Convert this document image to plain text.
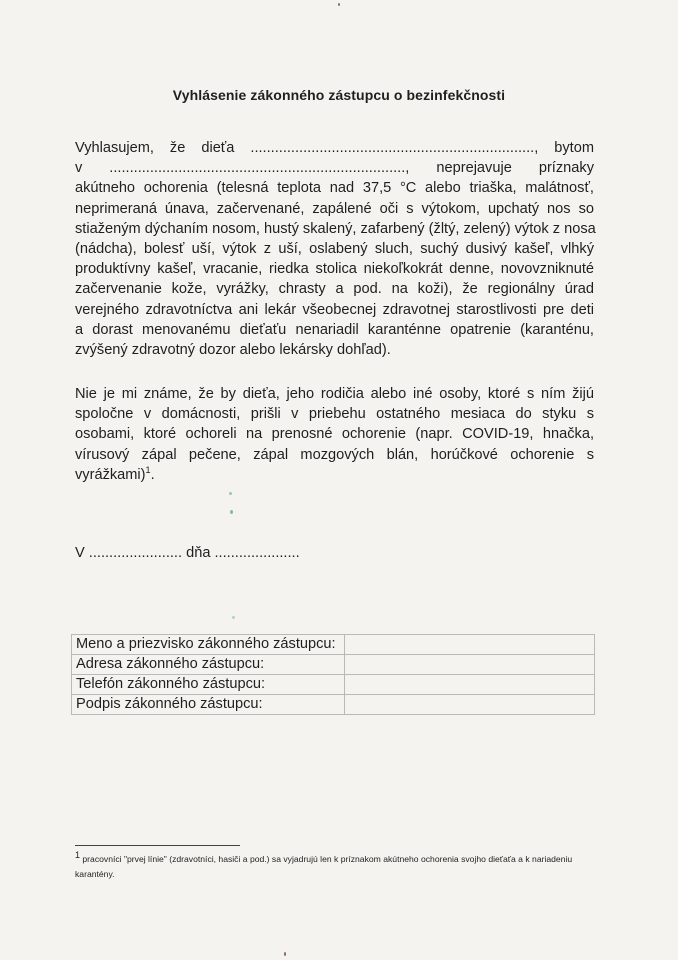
Vyhlásenie zákonného zástupcu o bezinfekčnosti
Vyhlasujem, že dieťa ......................................................................, bytom
v ........................................................................., neprejavuje príznaky
akútneho ochorenia (telesná teplota nad 37,5 °C alebo triaška, malátnosť,
neprimeraná únava, začervenané, zapálené oči s výtokom, upchatý nos so
stiaženým dýchaním nosom, hustý skalený, zafarbený (žltý, zelený) výtok z nosa
(nádcha), bolesť uší, výtok z uší, oslabený sluch, suchý dusivý kašeľ, vlhký
produktívny kašeľ, vracanie, riedka stolica niekoľkokrát denne, novovzniknuté
začervenanie kože, vyrážky, chrasty a pod. na koži), že regionálny úrad
verejného zdravotníctva ani lekár všeobecnej zdravotnej starostlivosti pre deti
a dorast menovanému dieťaťu nenariadil karanténne opatrenie (karanténu,
zvýšený zdravotný dozor alebo lekársky dohľad).
Nie je mi známe, že by dieťa, jeho rodičia alebo iné osoby, ktoré s ním žijú
spoločne v domácnosti, prišli v priebehu ostatného mesiaca do styku s
osobami, ktoré ochoreli na prenosné ochorenie (napr. COVID-19, hnačka,
vírusový zápal pečene, zápal mozgových blán, horúčkové ochorenie s
vyrážkami)$^1$.
V ....................... dňa .....................
Meno a priezvisko zákonného zástupcu:	
Adresa zákonného zástupcu:	
Telefón zákonného zástupcu:	
Podpis zákonného zástupcu:	
$^1$ pracovníci "prvej línie" (zdravotníci, hasiči a pod.) sa vyjadrujú len k príznakom akútneho ochorenia svojho dieťaťa a k nariadeniu karantény.
